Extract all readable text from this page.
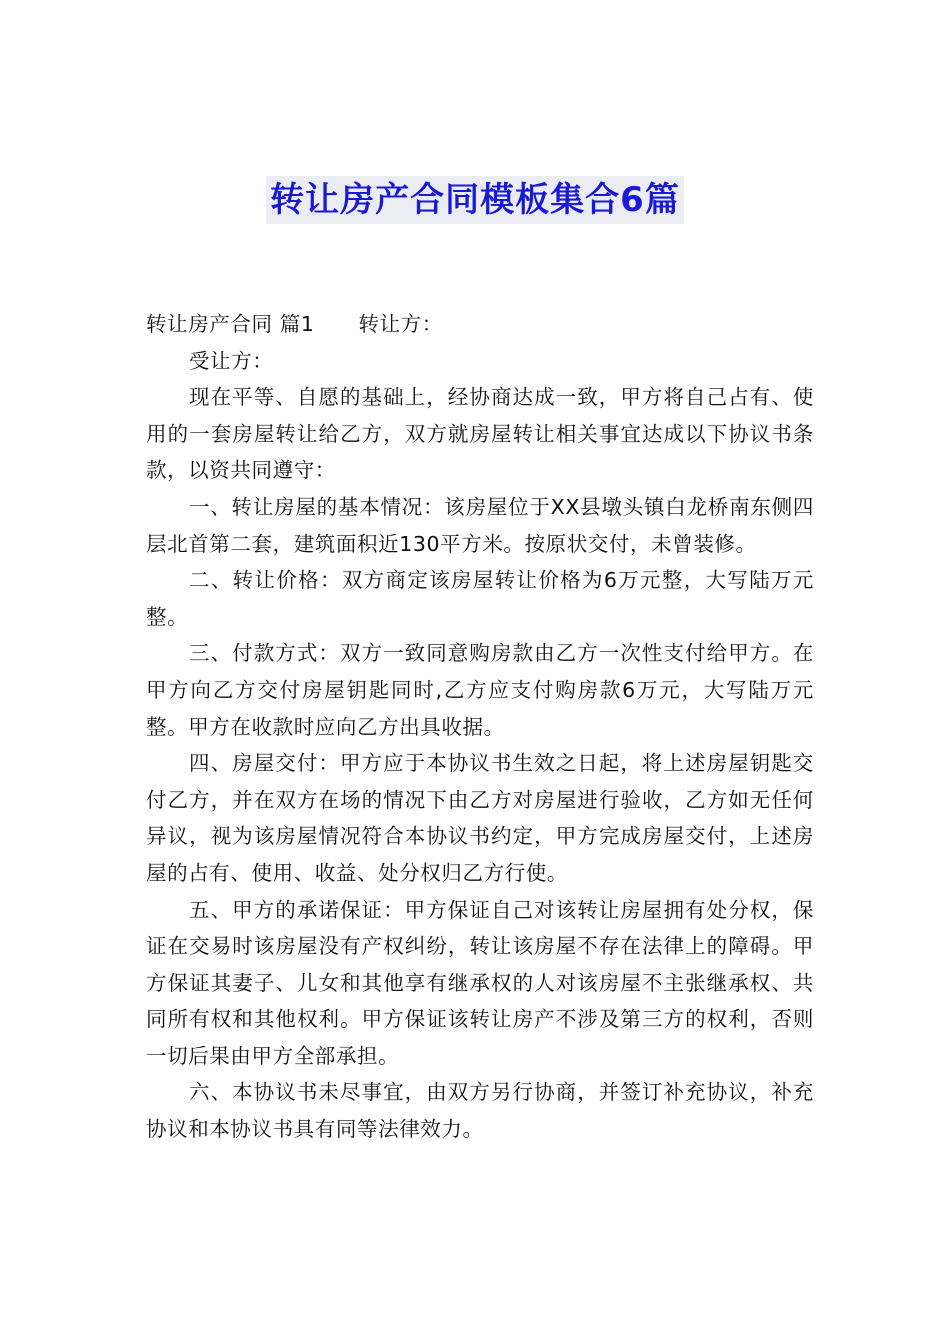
转让房产合同模板集合6篇

转让房产合同 篇1 转让方：

受让方：

现在平等、自愿的基础上，经协商达成一致，甲方将自己占有、使用的一套房屋转让给乙方，双方就房屋转让相关事宜达成以下协议书条款，以资共同遵守：

一、转让房屋的基本情况：该房屋位于XX县墩头镇白龙桥南东侧四层北首第二套，建筑面积近130平方米。按原状交付，未曾装修。

二、转让价格：双方商定该房屋转让价格为6万元整，大写陆万元整。

三、付款方式：双方一致同意购房款由乙方一次性支付给甲方。在甲方向乙方交付房屋钥匙同时,乙方应支付购房款6万元，大写陆万元整。甲方在收款时应向乙方出具收据。

四、房屋交付：甲方应于本协议书生效之日起，将上述房屋钥匙交付乙方，并在双方在场的情况下由乙方对房屋进行验收，乙方如无任何异议，视为该房屋情况符合本协议书约定，甲方完成房屋交付，上述房屋的占有、使用、收益、处分权归乙方行使。

五、甲方的承诺保证：甲方保证自己对该转让房屋拥有处分权，保证在交易时该房屋没有产权纠纷，转让该房屋不存在法律上的障碍。甲方保证其妻子、儿女和其他享有继承权的人对该房屋不主张继承权、共同所有权和其他权利。甲方保证该转让房产不涉及第三方的权利，否则一切后果由甲方全部承担。

六、本协议书未尽事宜，由双方另行协商，并签订补充协议，补充协议和本协议书具有同等法律效力。
